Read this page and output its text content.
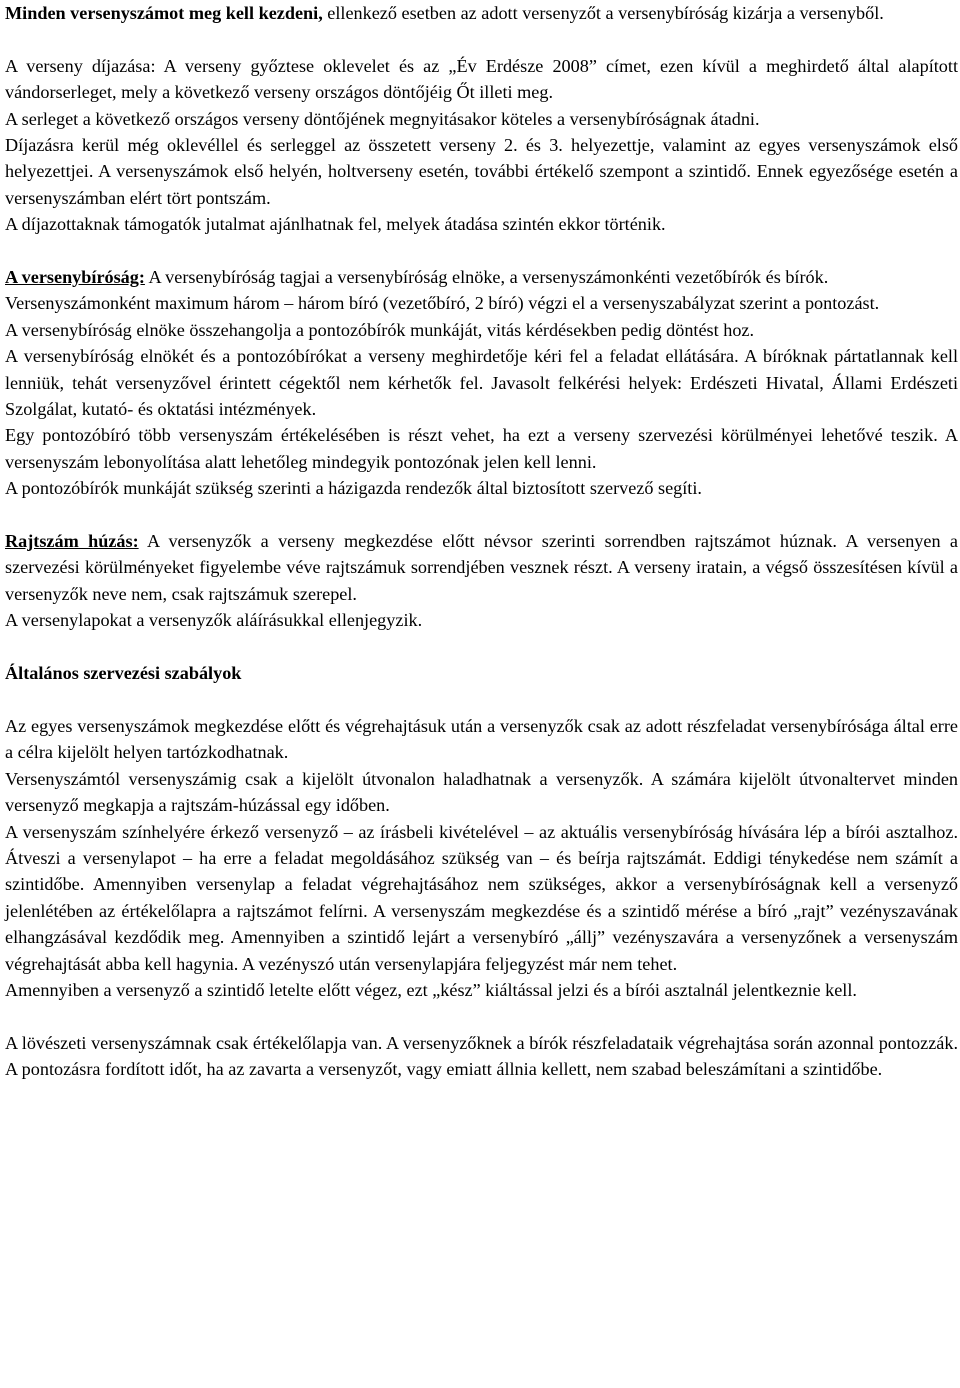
Minden versenyszámot meg kell kezdeni, ellenkező esetben az adott versenyzőt a versenybíróság kizárja a versenyből.

A verseny díjazása: A verseny győztese oklevelet és az „Év Erdésze 2008” címet, ezen kívül a meghirdető által alapított vándorserleget, mely a következő verseny országos döntőjéig Őt illeti meg.

A serleget a következő országos verseny döntőjének megnyitásakor köteles a versenybíróságnak átadni.

Díjazásra kerül még oklevéllel és serleggel az összetett verseny 2. és 3. helyezettje, valamint az egyes versenyszámok első helyezettjei. A versenyszámok első helyén, holtverseny esetén, további értékelő szempont a szintidő. Ennek egyezősége esetén a versenyszámban elért tört pontszám.

A díjazottaknak támogatók jutalmat ajánlhatnak fel, melyek átadása szintén ekkor történik.

A versenybíróság: A versenybíróság tagjai a versenybíróság elnöke, a versenyszámonkénti vezetőbírók és bírók.

Versenyszámonként maximum három – három bíró (vezetőbíró, 2 bíró) végzi el a versenyszabályzat szerint a pontozást.

A versenybíróság elnöke összehangolja a pontozóbírók munkáját, vitás kérdésekben pedig döntést hoz.

A versenybíróság elnökét és a pontozóbírókat a verseny meghirdetője kéri fel a feladat ellátására. A bíróknak pártatlannak kell lenniük, tehát versenyzővel érintett cégektől nem kérhetők fel. Javasolt felkérési helyek: Erdészeti Hivatal, Állami Erdészeti Szolgálat, kutató- és oktatási intézmények.

Egy pontozóbíró több versenyszám értékelésében is részt vehet, ha ezt a verseny szervezési körülményei lehetővé teszik. A versenyszám lebonyolítása alatt lehetőleg mindegyik pontozónak jelen kell lenni.

A pontozóbírók munkáját szükség szerinti a házigazda rendezők által biztosított szervező segíti.

Rajtszám húzás: A versenyzők a verseny megkezdése előtt névsor szerinti sorrendben rajtszámot húznak. A versenyen a szervezési körülményeket figyelembe véve rajtszámuk sorrendjében vesznek részt. A verseny iratain, a végső összesítésen kívül a versenyzők neve nem, csak rajtszámuk szerepel.

A versenylapokat a versenyzők aláírásukkal ellenjegyzik.

Általános szervezési szabályok

Az egyes versenyszámok megkezdése előtt és végrehajtásuk után a versenyzők csak az adott részfeladat versenybírósága által erre a célra kijelölt helyen tartózkodhatnak.

Versenyszámtól versenyszámig csak a kijelölt útvonalon haladhatnak a versenyzők. A számára kijelölt útvonaltervet minden versenyző megkapja a rajtszám-húzással egy időben.

A versenyszám színhelyére érkező versenyző – az írásbeli kivételével – az aktuális versenybíróság hívására lép a bírói asztalhoz. Átveszi a versenylapot – ha erre a feladat megoldásához szükség van – és beírja rajtszámát. Eddigi ténykedése nem számít a szintidőbe. Amennyiben versenylap a feladat végrehajtásához nem szükséges, akkor a versenybíróságnak kell a versenyző jelenlétében az értékelőlapra a rajtszámot felírni. A versenyszám megkezdése és a szintidő mérése a bíró „rajt” vezényszavának elhangzásával kezdődik meg. Amennyiben a szintidő lejárt a versenybíró „állj” vezényszavára a versenyzőnek a versenyszám végrehajtását abba kell hagynia. A vezényszó után versenylapjára feljegyzést már nem tehet.

Amennyiben a versenyző a szintidő letelte előtt végez, ezt „kész” kiáltással jelzi és a bírói asztalnál jelentkeznie kell.

A lövészeti versenyszámnak csak értékelőlapja van. A versenyzőknek a bírók részfeladataik végrehajtása során azonnal pontozzák. A pontozásra fordított időt, ha az zavarta a versenyzőt, vagy emiatt állnia kellett, nem szabad beleszámítani a szintidőbe.
